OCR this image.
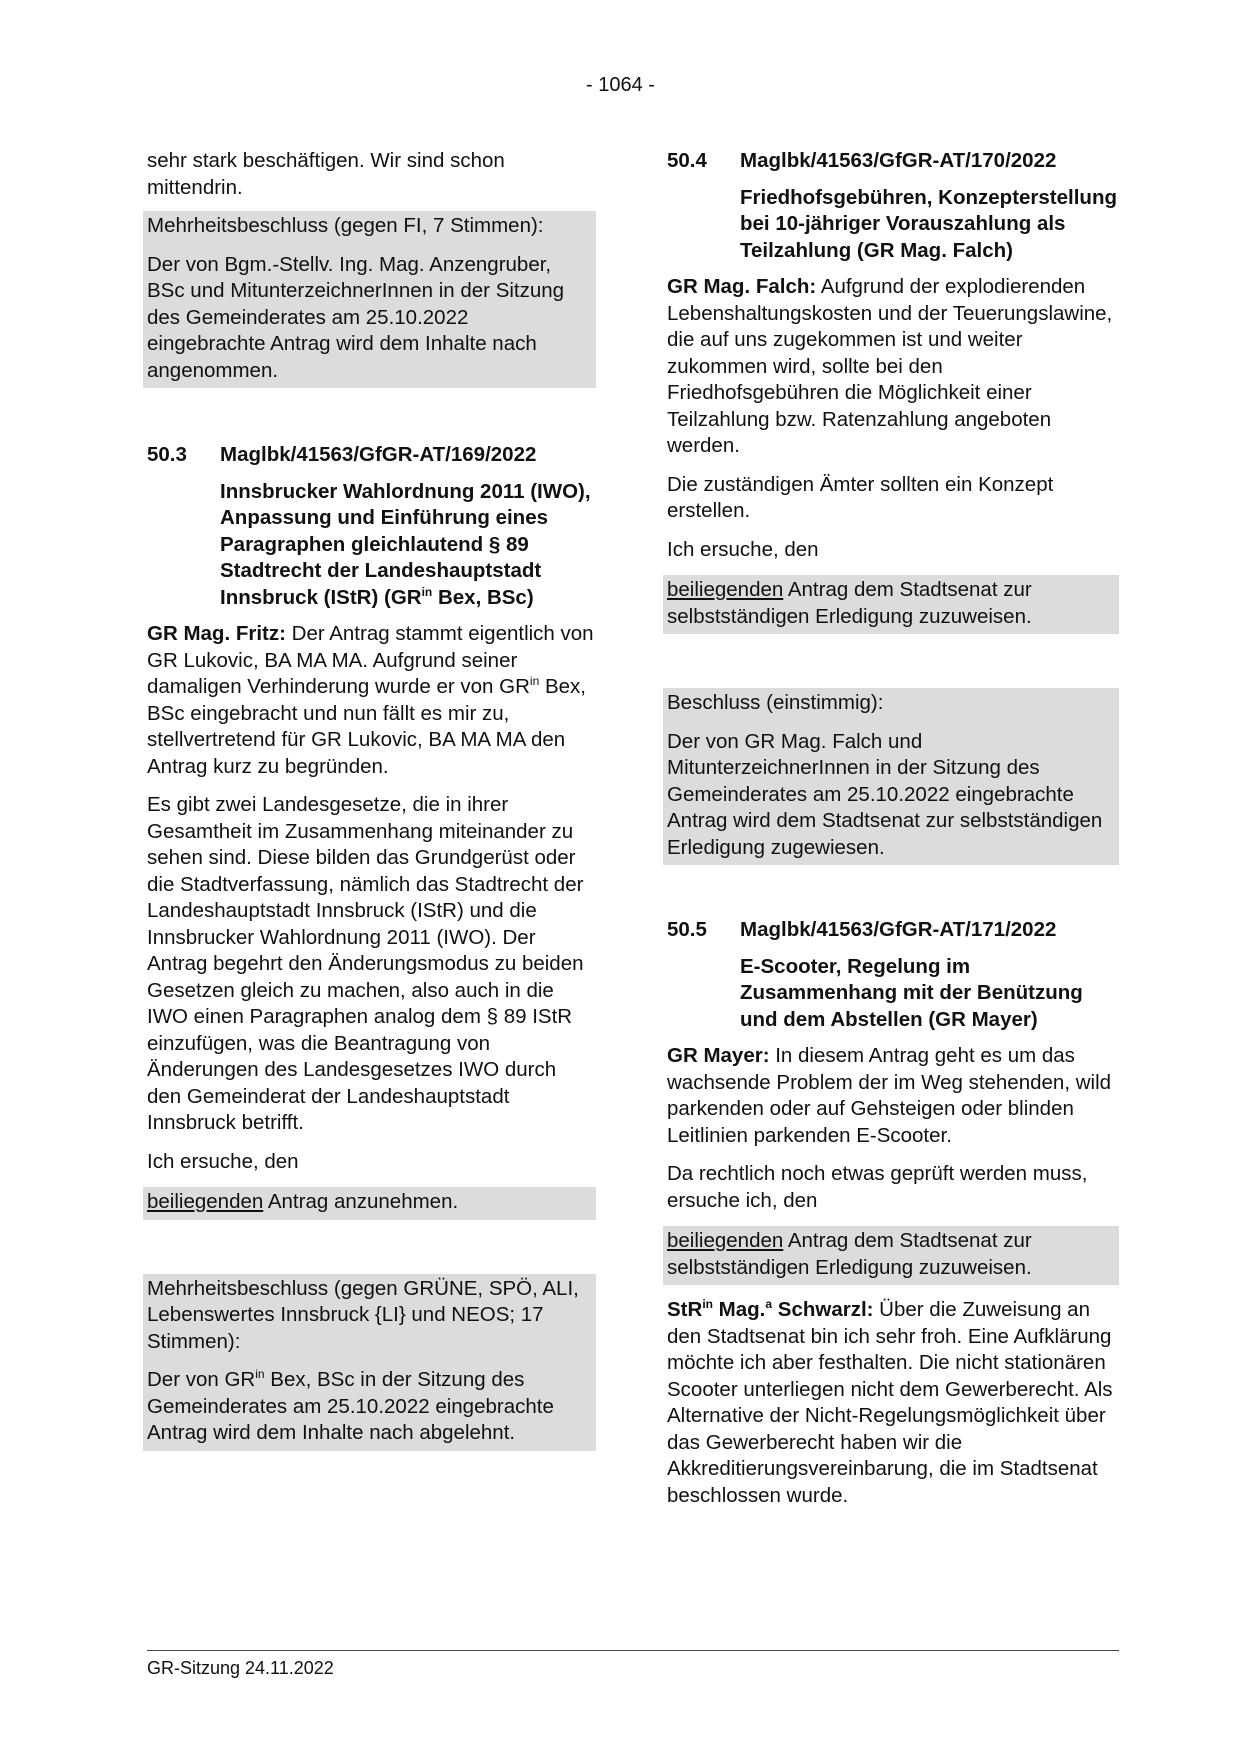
- 1064 -

sehr stark beschäftigen. Wir sind schon mittendrin.

Mehrheitsbeschluss (gegen FI, 7 Stimmen):

Der von Bgm.-Stellv. Ing. Mag. Anzengruber, BSc und MitunterzeichnerInnen in der Sitzung des Gemeinderates am 25.10.2022 eingebrachte Antrag wird dem Inhalte nach angenommen.

50.3	Maglbk/41563/GfGR-AT/169/2022
Innsbrucker Wahlordnung 2011 (IWO), Anpassung und Einführung eines Paragraphen gleichlautend § 89 Stadtrecht der Landeshauptstadt Innsbruck (IStR) ($GR^{in}$ Bex, BSc)

GR Mag. Fritz: Der Antrag stammt eigentlich von GR Lukovic, BA MA MA. Aufgrund seiner damaligen Verhinderung wurde er von $GR^{in}$ Bex, BSc eingebracht und nun fällt es mir zu, stellvertretend für GR Lukovic, BA MA MA den Antrag kurz zu begründen.

Es gibt zwei Landesgesetze, die in ihrer Gesamtheit im Zusammenhang miteinander zu sehen sind. Diese bilden das Grundgerüst oder die Stadtverfassung, nämlich das Stadtrecht der Landeshauptstadt Innsbruck (IStR) und die Innsbrucker Wahlordnung 2011 (IWO). Der Antrag begehrt den Änderungsmodus zu beiden Gesetzen gleich zu machen, also auch in die IWO einen Paragraphen analog dem § 89 IStR einzufügen, was die Beantragung von Änderungen des Landesgesetzes IWO durch den Gemeinderat der Landeshauptstadt Innsbruck betrifft.

Ich ersuche, den

beiliegenden Antrag anzunehmen.

Mehrheitsbeschluss (gegen GRÜNE, SPÖ, ALI, Lebenswertes Innsbruck {LI} und NEOS; 17 Stimmen):

Der von $GR^{in}$ Bex, BSc in der Sitzung des Gemeinderates am 25.10.2022 eingebrachte Antrag wird dem Inhalte nach abgelehnt.

50.4	Maglbk/41563/GfGR-AT/170/2022
Friedhofsgebühren, Konzepterstellung bei 10-jähriger Vorauszahlung als Teilzahlung (GR Mag. Falch)

GR Mag. Falch: Aufgrund der explodierenden Lebenshaltungskosten und der Teuerungslawine, die auf uns zugekommen ist und weiter zukommen wird, sollte bei den Friedhofsgebühren die Möglichkeit einer Teilzahlung bzw. Ratenzahlung angeboten werden.

Die zuständigen Ämter sollten ein Konzept erstellen.

Ich ersuche, den

beiliegenden Antrag dem Stadtsenat zur selbstständigen Erledigung zuzuweisen.

Beschluss (einstimmig):

Der von GR Mag. Falch und MitunterzeichnerInnen in der Sitzung des Gemeinderates am 25.10.2022 eingebrachte Antrag wird dem Stadtsenat zur selbstständigen Erledigung zugewiesen.

50.5	Maglbk/41563/GfGR-AT/171/2022
E-Scooter, Regelung im Zusammenhang mit der Benützung und dem Abstellen (GR Mayer)

GR Mayer: In diesem Antrag geht es um das wachsende Problem der im Weg stehenden, wild parkenden oder auf Gehsteigen oder blinden Leitlinien parkenden E-Scooter.

Da rechtlich noch etwas geprüft werden muss, ersuche ich, den

beiliegenden Antrag dem Stadtsenat zur selbstständigen Erledigung zuzuweisen.

StR$^{in}$ Mag.$^a$ Schwarzl: Über die Zuweisung an den Stadtsenat bin ich sehr froh. Eine Aufklärung möchte ich aber festhalten. Die nicht stationären Scooter unterliegen nicht dem Gewerberecht. Als Alternative der Nicht-Regelungsmöglichkeit über das Gewerberecht haben wir die Akkreditierungsvereinbarung, die im Stadtsenat beschlossen wurde.

GR-Sitzung 24.11.2022
